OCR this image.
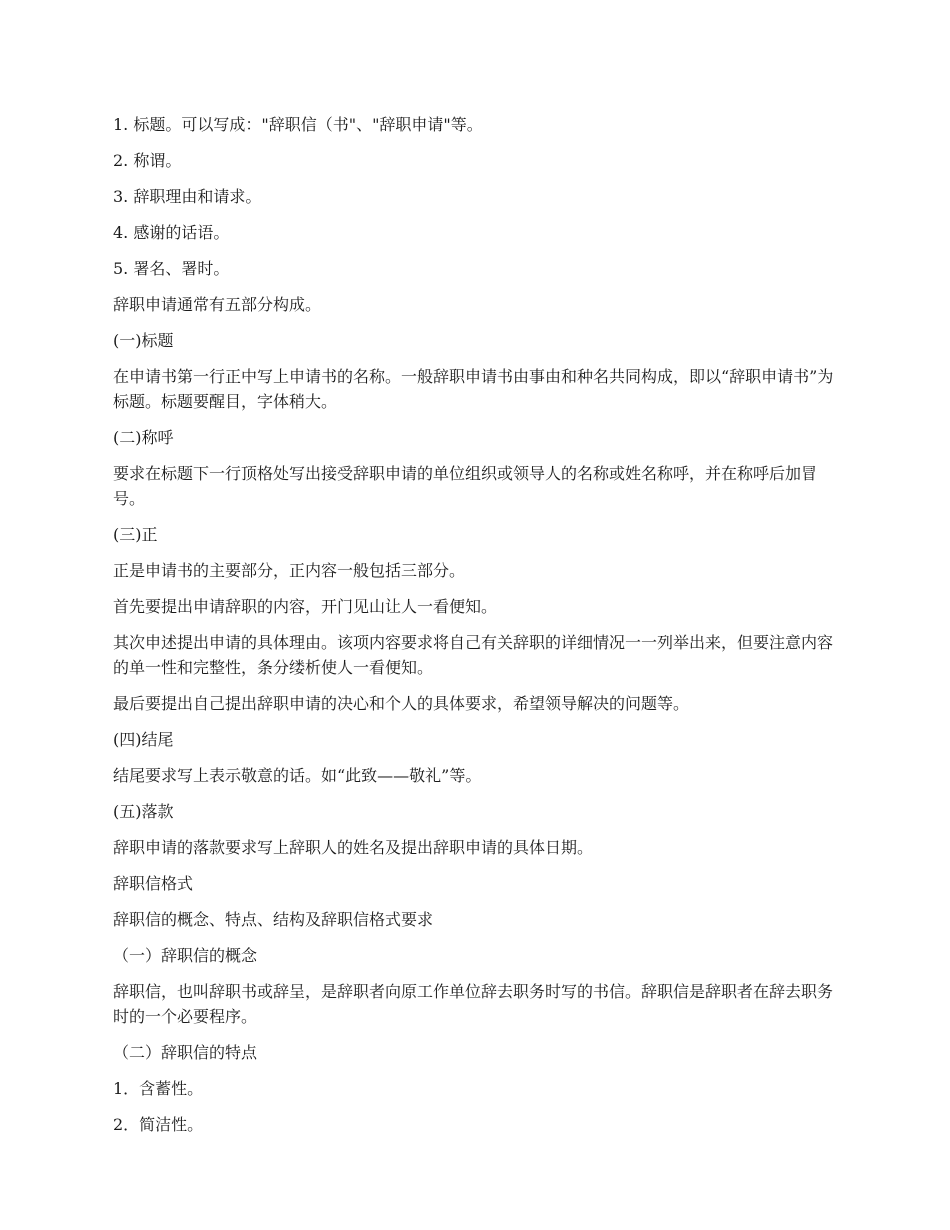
1. 标题。可以写成："辞职信（书"、"辞职申请"等。

2. 称谓。

3. 辞职理由和请求。

4. 感谢的话语。

5. 署名、署时。

辞职申请通常有五部分构成。

(一)标题

在申请书第一行正中写上申请书的名称。一般辞职申请书由事由和种名共同构成，即以“辞职申请书”为标题。标题要醒目，字体稍大。

(二)称呼

要求在标题下一行顶格处写出接受辞职申请的单位组织或领导人的名称或姓名称呼，并在称呼后加冒号。

(三)正

正是申请书的主要部分，正内容一般包括三部分。

首先要提出申请辞职的内容，开门见山让人一看便知。

其次申述提出申请的具体理由。该项内容要求将自己有关辞职的详细情况一一列举出来，但要注意内容的单一性和完整性，条分缕析使人一看便知。

最后要提出自己提出辞职申请的决心和个人的具体要求，希望领导解决的问题等。

(四)结尾

结尾要求写上表示敬意的话。如“此致——敬礼”等。

(五)落款

辞职申请的落款要求写上辞职人的姓名及提出辞职申请的具体日期。

辞职信格式

辞职信的概念、特点、结构及辞职信格式要求

（一）辞职信的概念

辞职信，也叫辞职书或辞呈，是辞职者向原工作单位辞去职务时写的书信。辞职信是辞职者在辞去职务时的一个必要程序。

（二）辞职信的特点

1．含蓄性。

2．简洁性。
